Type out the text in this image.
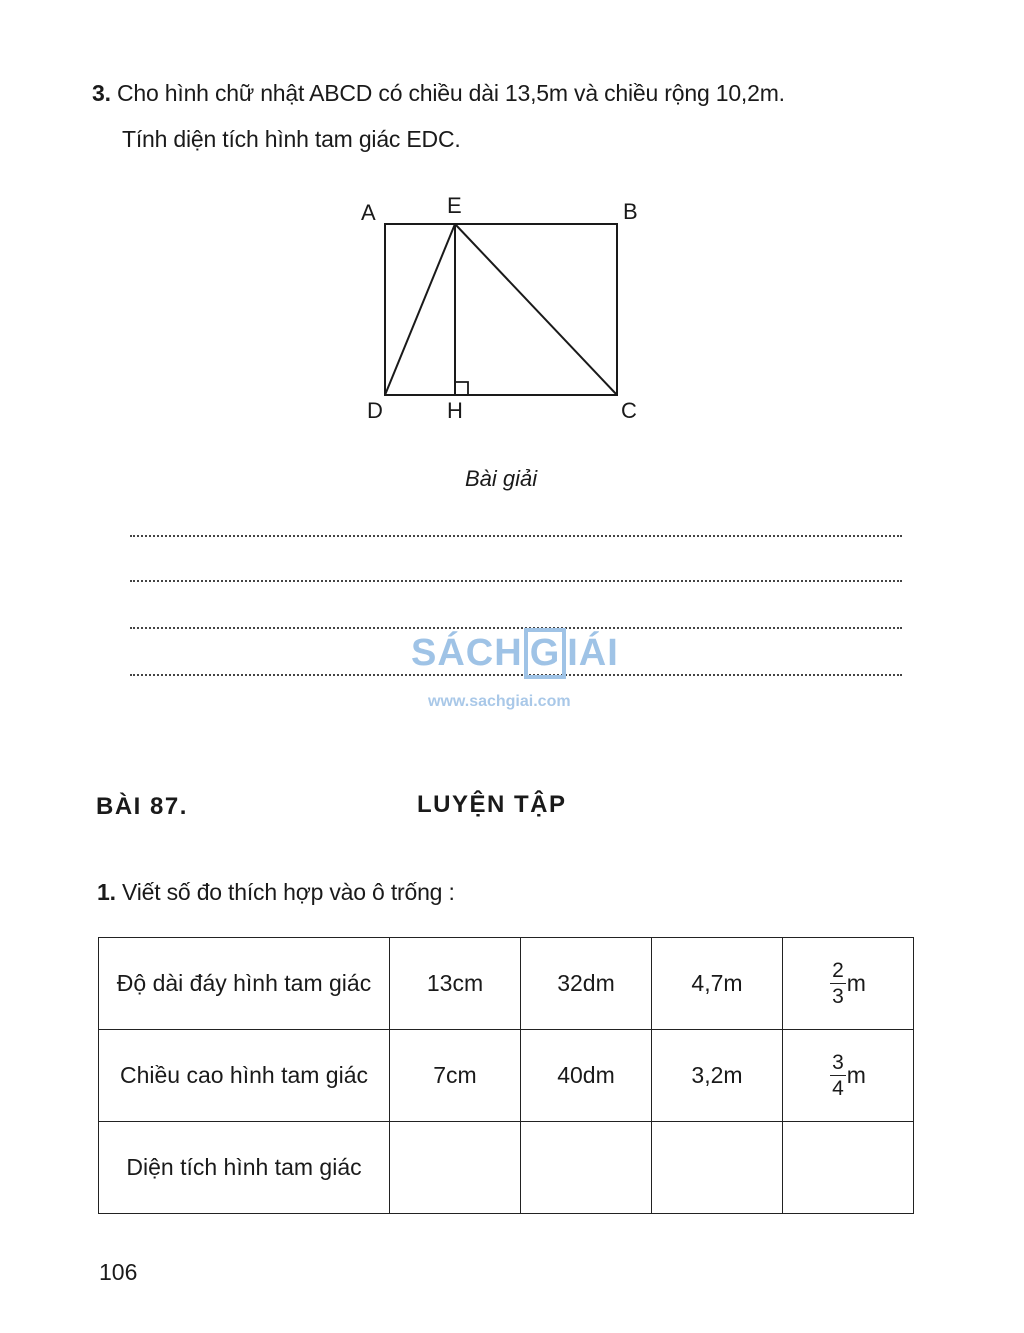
3. Cho hình chữ nhật ABCD có chiều dài 13,5m và chiều rộng 10,2m.
Tính diện tích hình tam giác EDC.
A	E	B
D	H	C
Bài giải
SÁCH G IÁI
www.sachgiai.com
BÀI 87.	LUYỆN TẬP
1. Viết số đo thích hợp vào ô trống :
Độ dài đáy hình tam giác	13cm	32dm	4,7m	$\frac{2}{3}$ m
Chiều cao hình tam giác	7cm	40dm	3,2m	$\frac{3}{4}$ m
Diện tích hình tam giác				
106
